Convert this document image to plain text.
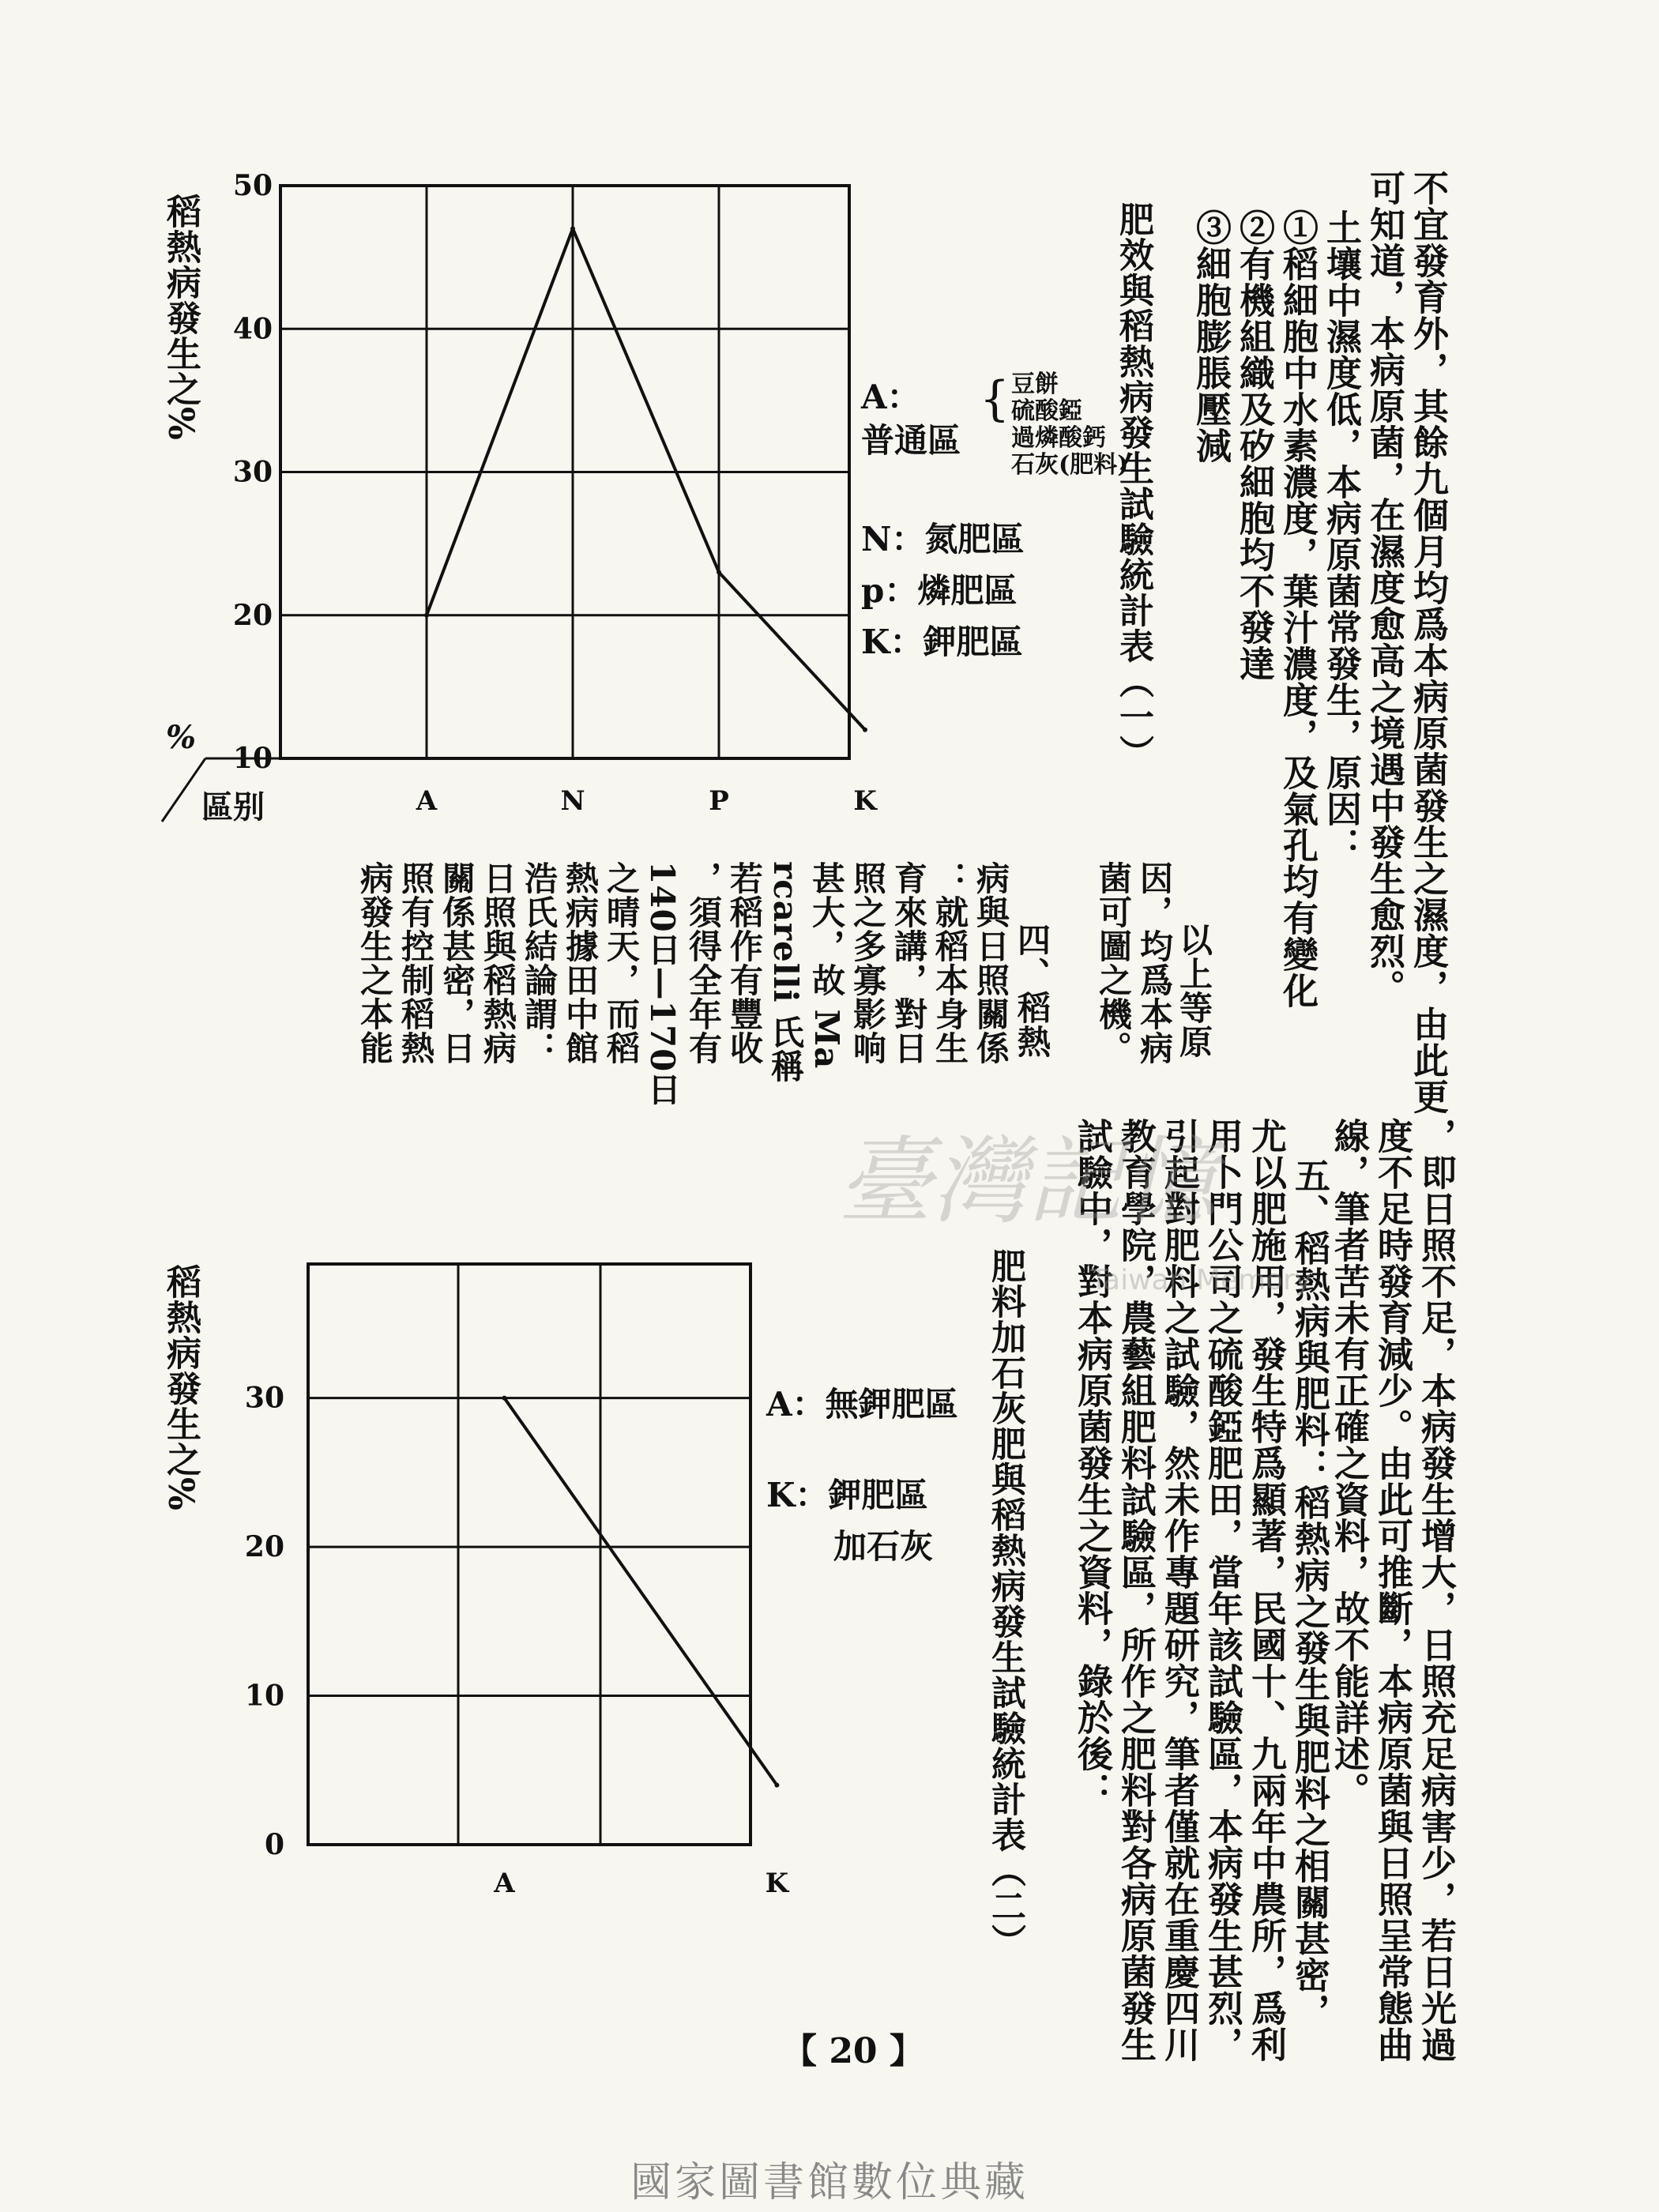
不宜發育外，其餘九個月均爲本病原菌發生之濕度，由此更
可知道，本病原菌，在濕度愈高之境遇中發生愈烈。
土壤中濕度低，本病原菌常發生，原因：
①稻細胞中水素濃度，葉汁濃度，及氣孔均有變化
②有機組織及矽細胞均不發達
③細胞膨脹壓減
肥效與稻熱病發生試驗統計表（一）
10
20
30
40
50
A	N	P	K
稻熱病發生之%
%
區别
A：
普通區
{ 豆餅
硫酸錏
過燐酸鈣
石灰(肥料)
N：氮肥區
p：燐肥區
K：鉀肥區
以上等原
因，均爲本病
菌可圖之機。
四、稻熱
病與日照關係
：就稻本身生
育來講，對日
照之多寡影响
甚大，故 Ma
rcarelli 氏稱
若稻作有豐收
，須得全年有
140日—170日
之晴天，而稻
熱病據田中館
浩氏結論謂：
日照與稻熱病
關係甚密，日
照有控制稻熱
病發生之本能
，即日照不足，本病發生增大，日照充足病害少，若日光過
度不足時發育減少。由此可推斷，本病原菌與日照呈常態曲
線，筆者苦未有正確之資料，故不能詳述。
五、稻熱病與肥料：稻熱病之發生與肥料之相關甚密，
尤以肥施用，發生特爲顯著，民國十、九兩年中農所，爲利
用卜門公司之硫酸錏肥田，當年該試驗區，本病發生甚烈，
引起對肥料之試驗，然未作專題研究，筆者僅就在重慶四川
教育學院，農藝組肥料試驗區，所作之肥料對各病原菌發生
試驗中，對本病原菌發生之資料，錄於後：
肥料加石灰肥與稻熱病發生試驗統計表（二）
0
10
20
30
A	K
稻熱病發生之%	A：無鉀肥區
K：鉀肥區
加石灰
臺灣記憶
Taiwan Memory
【 20 】
國家圖書館數位典藏
